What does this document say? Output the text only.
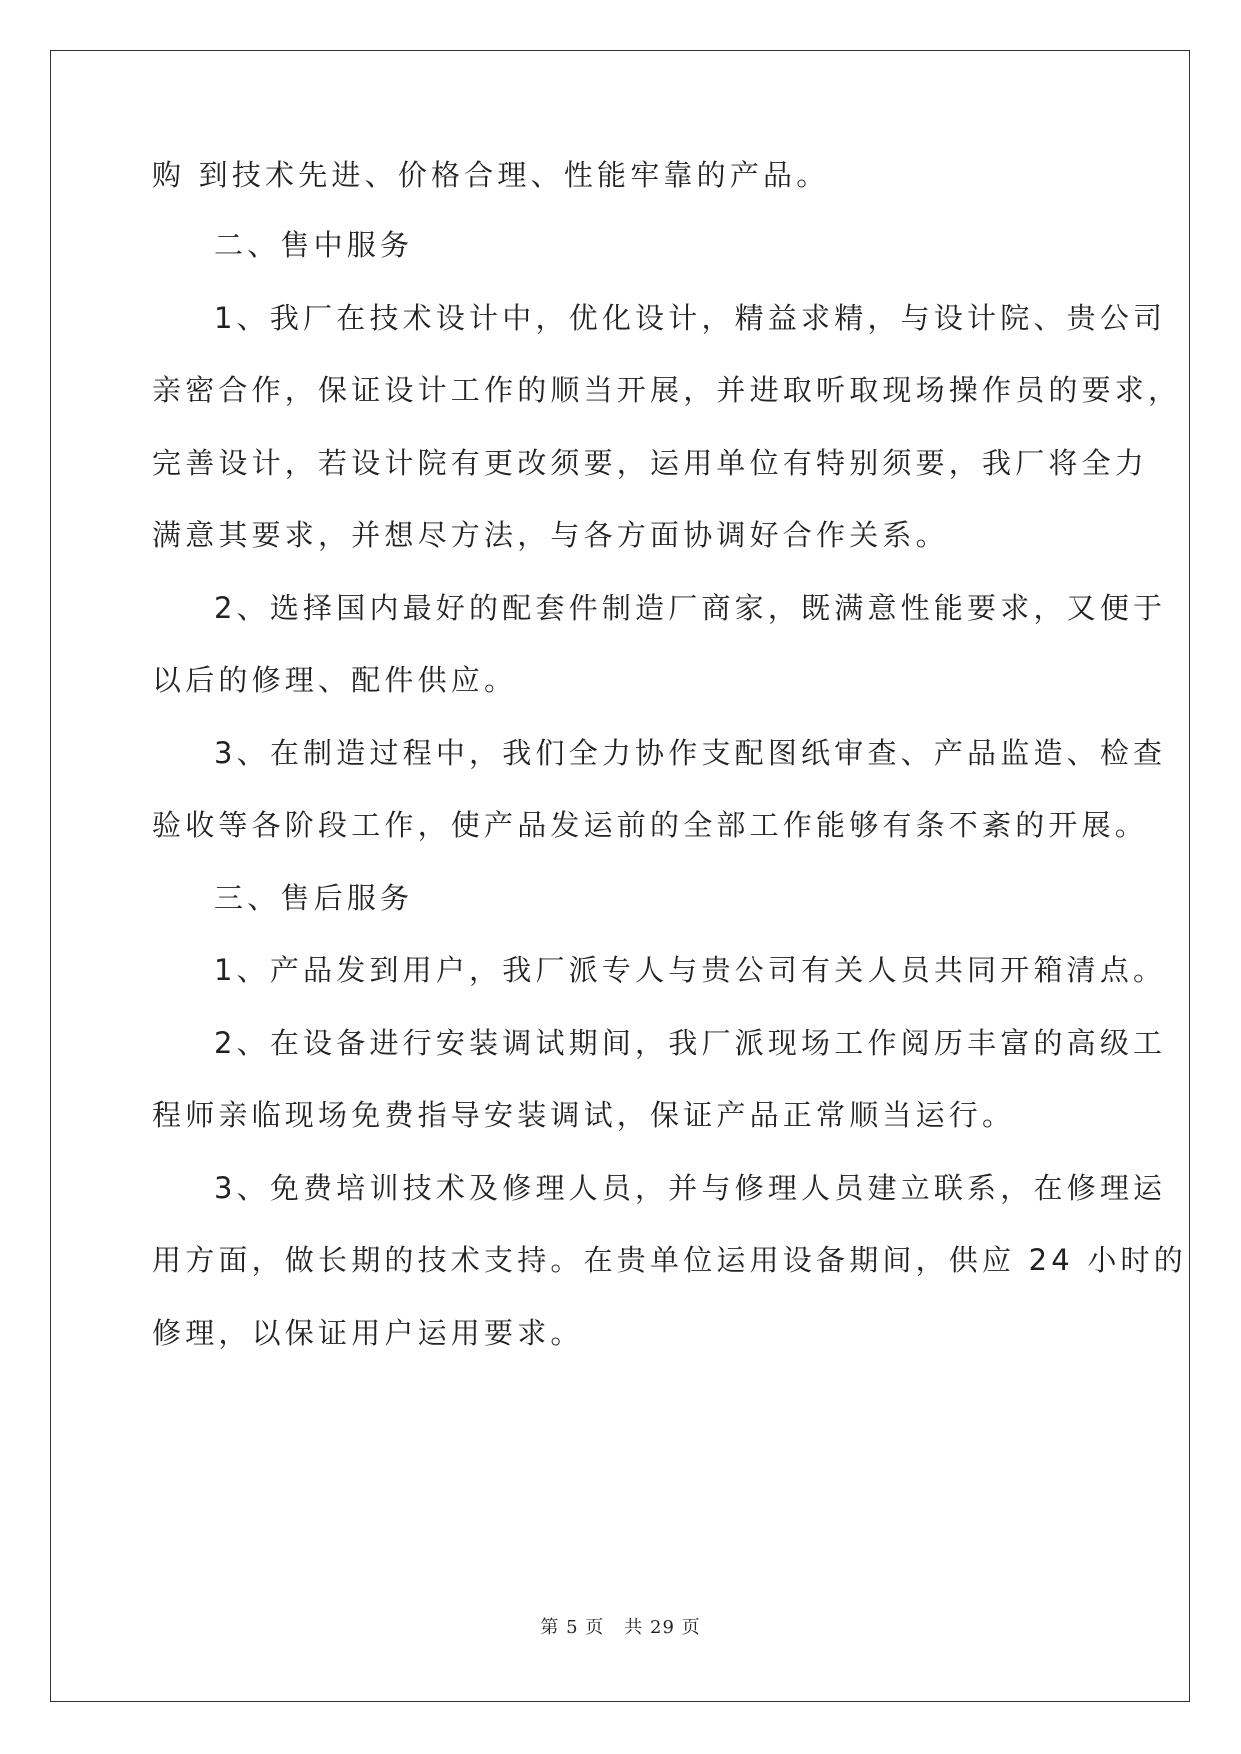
购 到技术先进、价格合理、性能牢靠的产品。
二、售中服务
1、我厂在技术设计中，优化设计，精益求精，与设计院、贵公司
亲密合作，保证设计工作的顺当开展，并进取听取现场操作员的要求，
完善设计，若设计院有更改须要，运用单位有特别须要，我厂将全力
满意其要求，并想尽方法，与各方面协调好合作关系。
2、选择国内最好的配套件制造厂商家，既满意性能要求，又便于
以后的修理、配件供应。
3、在制造过程中，我们全力协作支配图纸审查、产品监造、检查
验收等各阶段工作，使产品发运前的全部工作能够有条不紊的开展。
三、售后服务
1、产品发到用户，我厂派专人与贵公司有关人员共同开箱清点。
2、在设备进行安装调试期间，我厂派现场工作阅历丰富的高级工
程师亲临现场免费指导安装调试，保证产品正常顺当运行。
3、免费培训技术及修理人员，并与修理人员建立联系，在修理运
用方面，做长期的技术支持。在贵单位运用设备期间，供应 24 小时的
修理，以保证用户运用要求。
第 5 页 共 29 页
